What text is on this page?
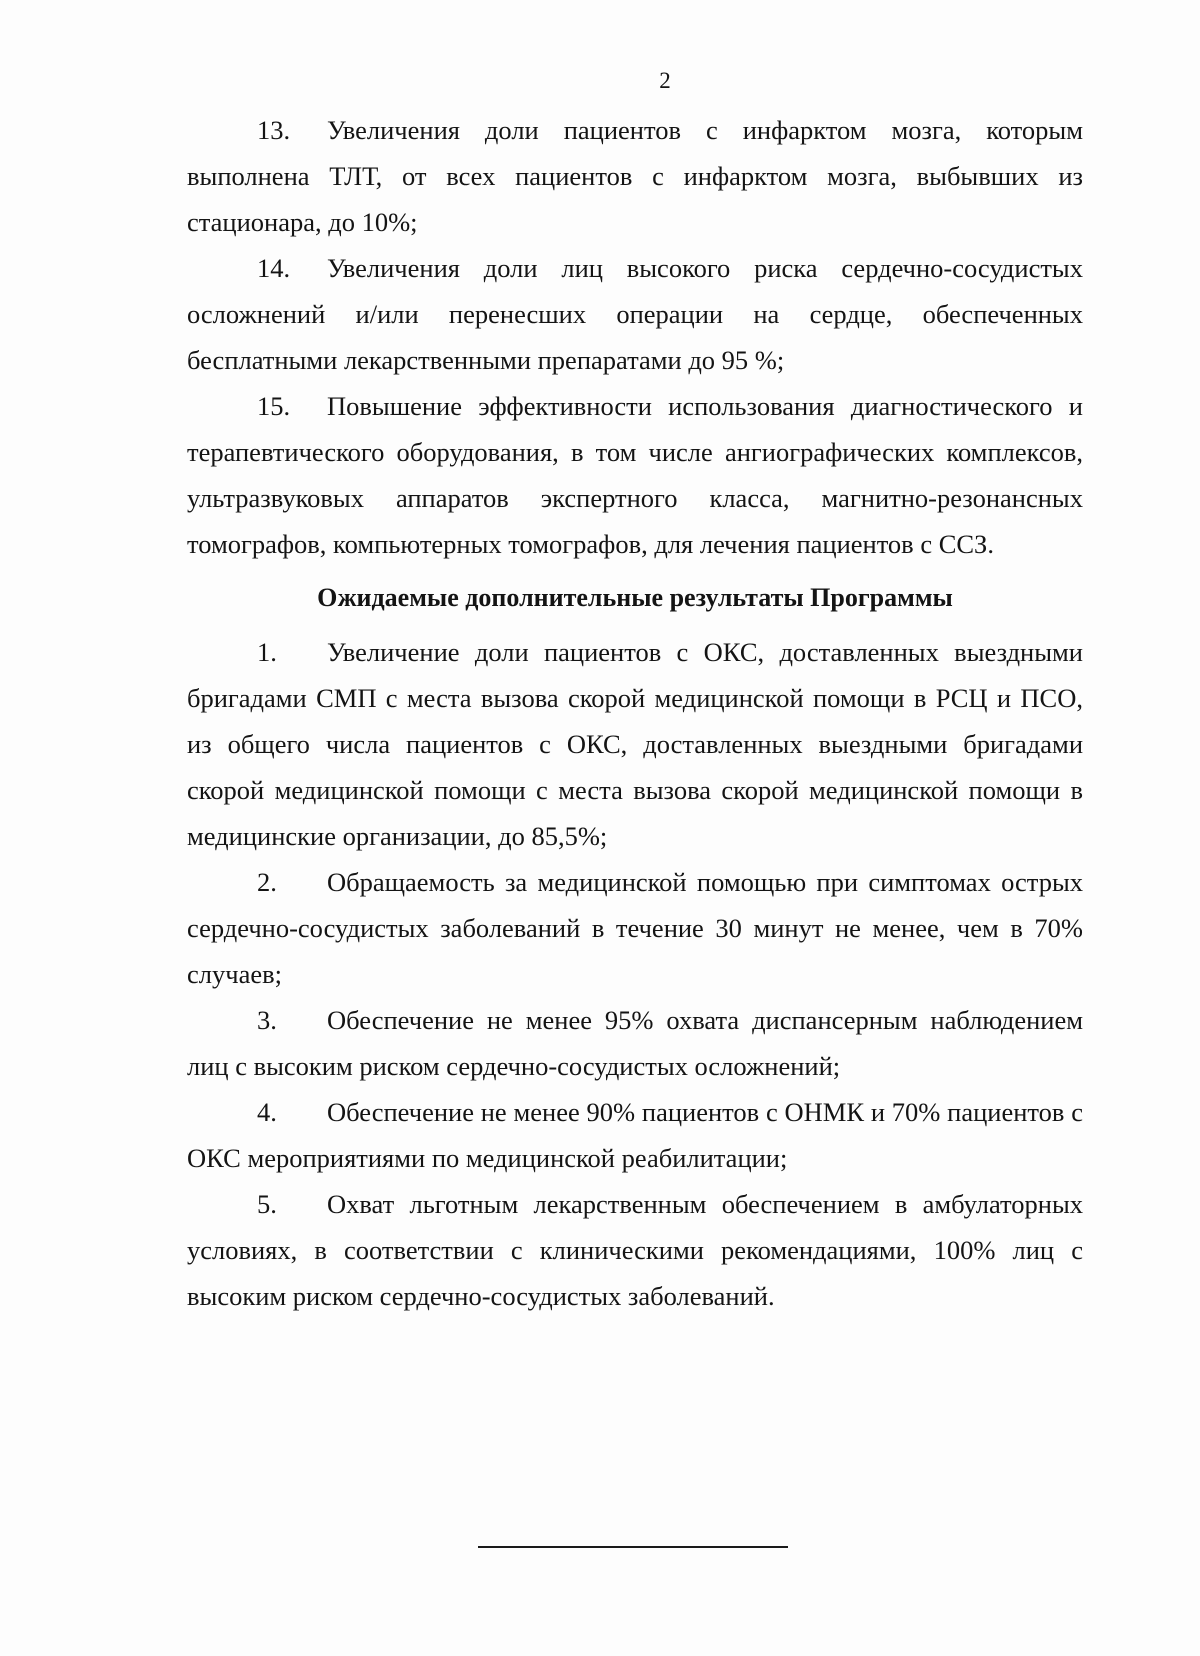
2

13. Увеличения доли пациентов с инфарктом мозга, которым выполнена ТЛТ, от всех пациентов с инфарктом мозга, выбывших из стационара, до 10%;

14. Увеличения доли лиц высокого риска сердечно-сосудистых осложнений и/или перенесших операции на сердце, обеспеченных бесплатными лекарственными препаратами до 95 %;

15. Повышение эффективности использования диагностического и терапевтического оборудования, в том числе ангиографических комплексов, ультразвуковых аппаратов экспертного класса, магнитно-резонансных томографов, компьютерных томографов, для лечения пациентов с ССЗ.

Ожидаемые дополнительные результаты Программы

1. Увеличение доли пациентов с ОКС, доставленных выездными бригадами СМП с места вызова скорой медицинской помощи в РСЦ и ПСО, из общего числа пациентов с ОКС, доставленных выездными бригадами скорой медицинской помощи с места вызова скорой медицинской помощи в медицинские организации, до 85,5%;

2. Обращаемость за медицинской помощью при симптомах острых сердечно-сосудистых заболеваний в течение 30 минут не менее, чем в 70% случаев;

3. Обеспечение не менее 95% охвата диспансерным наблюдением лиц с высоким риском сердечно-сосудистых осложнений;

4. Обеспечение не менее 90% пациентов с ОНМК и 70% пациентов с ОКС мероприятиями по медицинской реабилитации;

5. Охват льготным лекарственным обеспечением в амбулаторных условиях, в соответствии с клиническими рекомендациями, 100% лиц с высоким риском сердечно-сосудистых заболеваний.
